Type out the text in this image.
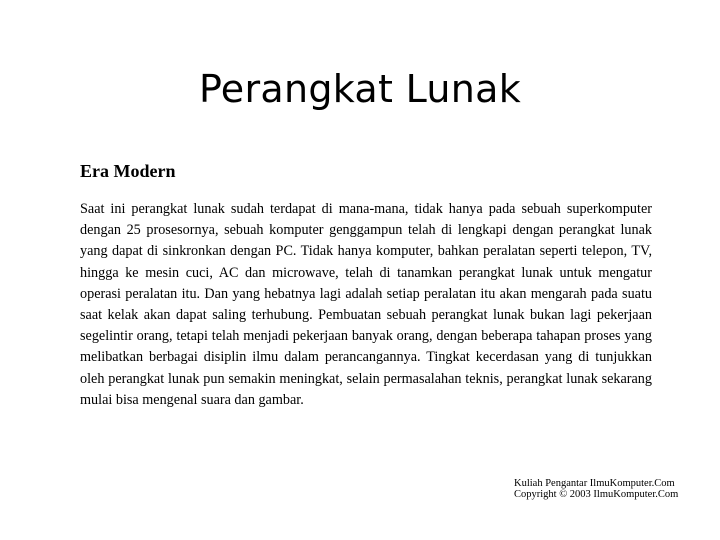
Perangkat Lunak
Era Modern
Saat ini perangkat lunak sudah terdapat di mana-mana, tidak hanya pada sebuah superkomputer
dengan 25 prosesornya, sebuah komputer genggampun telah di lengkapi dengan perangkat lunak
yang dapat di sinkronkan dengan PC. Tidak hanya komputer, bahkan peralatan seperti telepon, TV,
hingga ke mesin cuci, AC dan microwave, telah di tanamkan perangkat lunak untuk mengatur
operasi peralatan itu. Dan yang hebatnya lagi adalah setiap peralatan itu akan mengarah pada suatu
saat kelak akan dapat saling terhubung. Pembuatan sebuah perangkat lunak bukan lagi pekerjaan
segelintir orang, tetapi telah menjadi pekerjaan banyak orang, dengan beberapa tahapan proses yang
melibatkan berbagai disiplin ilmu dalam perancangannya. Tingkat kecerdasan yang di tunjukkan
oleh perangkat lunak pun semakin meningkat, selain permasalahan teknis, perangkat lunak sekarang
mulai bisa mengenal suara dan gambar.
Kuliah Pengantar IlmuKomputer.Com
Copyright © 2003 IlmuKomputer.Com
